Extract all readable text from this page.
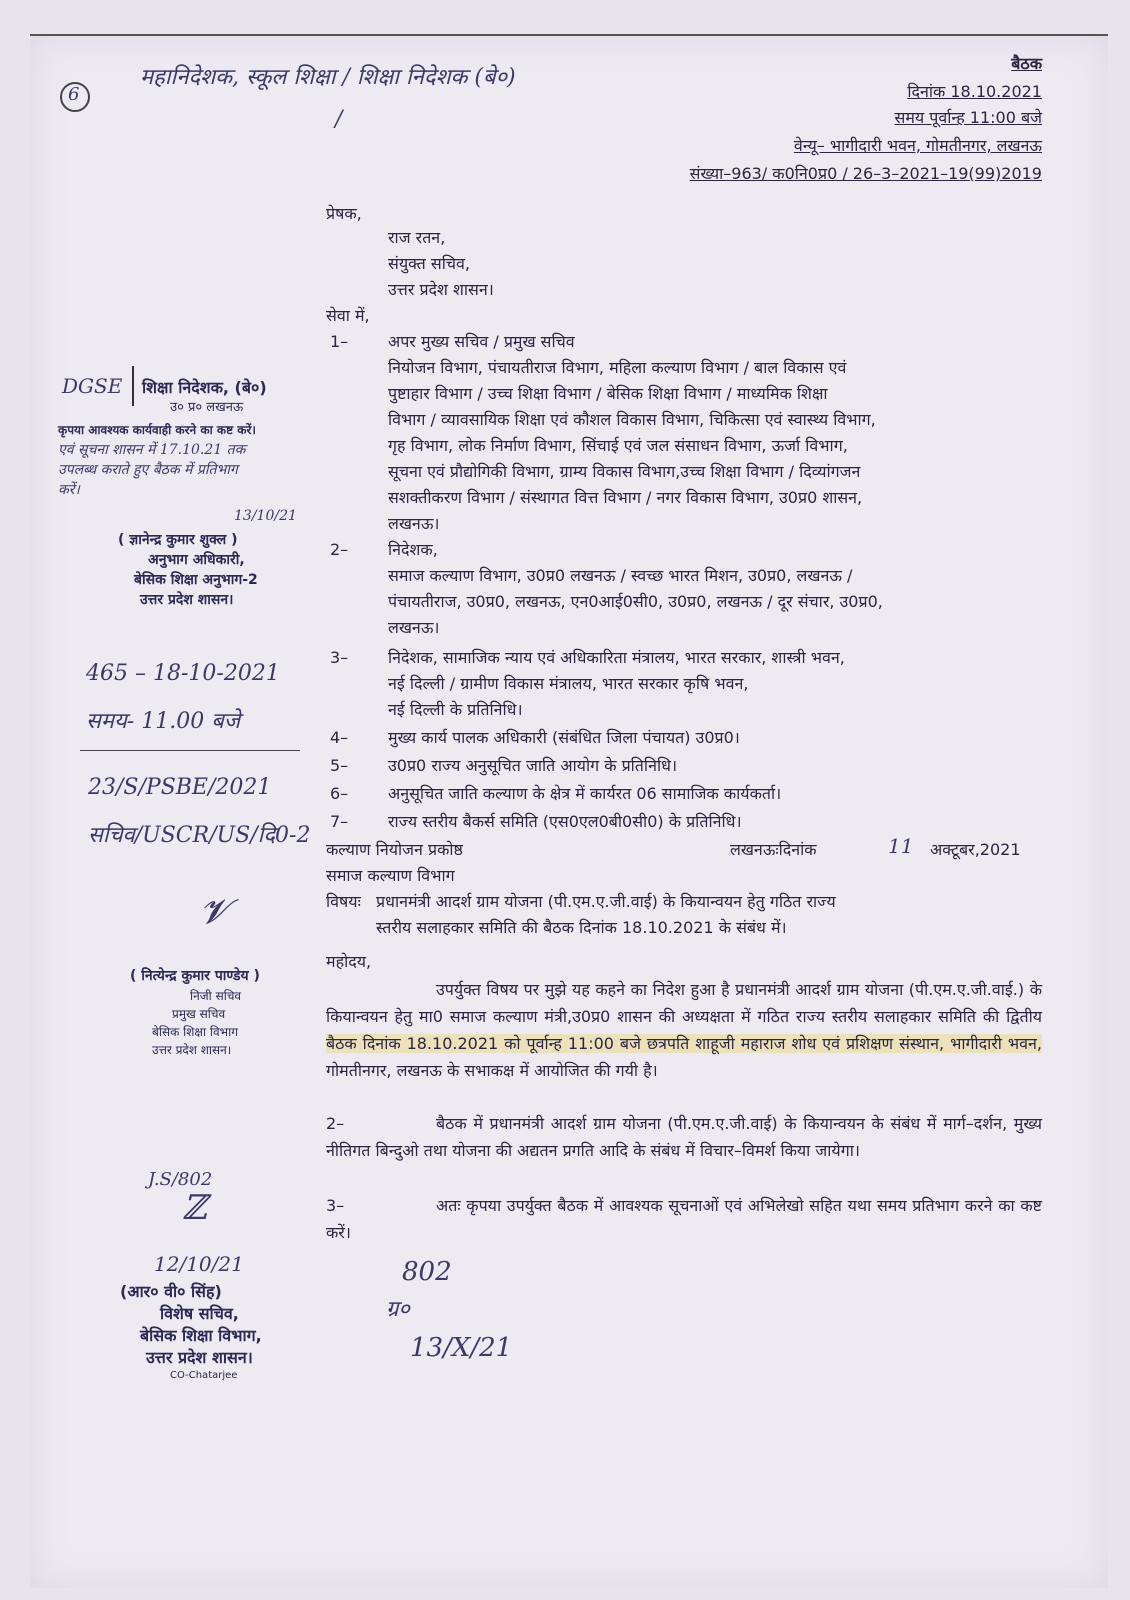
6
महानिदेशक, स्कूल शिक्षा / शिक्षा निदेशक (बे०)
/
बैठक
दिनांक 18.10.2021
समय पूर्वान्ह 11:00 बजे
वेन्यू– भागीदारी भवन, गोमतीनगर, लखनऊ
संख्या–963/ क0नि0प्र0 / 26–3–2021–19(99)2019
प्रेषक,
राज रतन,
संयुक्त सचिव,
उत्तर प्रदेश शासन।
सेवा में,
1– अपर मुख्य सचिव / प्रमुख सचिव
नियोजन विभाग, पंचायतीराज विभाग, महिला कल्याण विभाग / बाल विकास एवं
पुष्टाहार विभाग / उच्च शिक्षा विभाग / बेसिक शिक्षा विभाग / माध्यमिक शिक्षा
विभाग / व्यावसायिक शिक्षा एवं कौशल विकास विभाग, चिकित्सा एवं स्वास्थ्य विभाग,
गृह विभाग, लोक निर्माण विभाग, सिंचाई एवं जल संसाधन विभाग, ऊर्जा विभाग,
सूचना एवं प्रौद्योगिकी विभाग, ग्राम्य विकास विभाग,उच्च शिक्षा विभाग / दिव्यांगजन
सशक्तीकरण विभाग / संस्थागत वित्त विभाग / नगर विकास विभाग, उ0प्र0 शासन,
लखनऊ।
2– निदेशक,
समाज कल्याण विभाग, उ0प्र0 लखनऊ / स्वच्छ भारत मिशन, उ0प्र0, लखनऊ /
पंचायतीराज, उ0प्र0, लखनऊ, एन0आई0सी0, उ0प्र0, लखनऊ / दूर संचार, उ0प्र0,
लखनऊ।
3– निदेशक, सामाजिक न्याय एवं अधिकारिता मंत्रालय, भारत सरकार, शास्त्री भवन,
नई दिल्ली / ग्रामीण विकास मंत्रालय, भारत सरकार कृषि भवन,
नई दिल्ली के प्रतिनिधि।
4– मुख्य कार्य पालक अधिकारी (संबंधित जिला पंचायत) उ0प्र0।
5– उ0प्र0 राज्य अनुसूचित जाति आयोग के प्रतिनिधि।
6– अनुसूचित जाति कल्याण के क्षेत्र में कार्यरत 06 सामाजिक कार्यकर्ता।
7– राज्य स्तरीय बैकर्स समिति (एस0एल0बी0सी0) के प्रतिनिधि।
कल्याण नियोजन प्रकोष्ठ	लखनऊःदिनांक	11 अक्टूबर,2021
समाज कल्याण विभाग
विषयः प्रधानमंत्री आदर्श ग्राम योजना (पी.एम.ए.जी.वाई) के कियान्वयन हेतु गठित राज्य
स्तरीय सलाहकार समिति की बैठक दिनांक 18.10.2021 के संबंध में।
महोदय,
उपर्युक्त विषय पर मुझे यह कहने का निदेश हुआ है प्रधानमंत्री आदर्श ग्राम योजना (पी.एम.ए.जी.वाई.) के कियान्वयन हेतु मा0 समाज कल्याण मंत्री,उ0प्र0 शासन की अध्यक्षता में गठित राज्य स्तरीय सलाहकार समिति की द्वितीय बैठक दिनांक 18.10.2021 को पूर्वान्ह 11:00 बजे छत्रपति शाहूजी महाराज शोध एवं प्रशिक्षण संस्थान, भागीदारी भवन, गोमतीनगर, लखनऊ के सभाकक्ष में आयोजित की गयी है।
2–	बैठक में प्रधानमंत्री आदर्श ग्राम योजना (पी.एम.ए.जी.वाई) के कियान्वयन के संबंध में मार्ग–दर्शन, मुख्य नीतिगत बिन्दुओ तथा योजना की अद्यतन प्रगति आदि के संबंध में विचार–विमर्श किया जायेगा।
3–	अतः कृपया उपर्युक्त बैठक में आवश्यक सूचनाओं एवं अभिलेखो सहित यथा समय प्रतिभाग करने का कष्ट करें।
DGSE शिक्षा निदेशक, (बे०)
उ० प्र० लखनऊ
कृपया आवश्यक कार्यवाही करने का कष्ट करें।
एवं सूचना शासन में 17.10.21 तक
उपलब्ध कराते हुए बैठक में प्रतिभाग
करें।
13/10/21
( ज्ञानेन्द्र कुमार शुक्ल )
अनुभाग अधिकारी,
बेसिक शिक्षा अनुभाग-2
उत्तर प्रदेश शासन।
465 – 18-10-2021
समय- 11.00 बजे
23/S/PSBE/2021
सचिव/USCR/US/दि0-2
𝓥
( नित्येन्द्र कुमार पाण्डेय )
निजी सचिव
प्रमुख सचिव
बेसिक शिक्षा विभाग
उत्तर प्रदेश शासन।
J.S/802
ℤ
12/10/21
(आर० वी० सिंह)
विशेष सचिव,
बेसिक शिक्षा विभाग,
उत्तर प्रदेश शासन।
CO-Chatarjee
802
ग्र०
13/X/21
